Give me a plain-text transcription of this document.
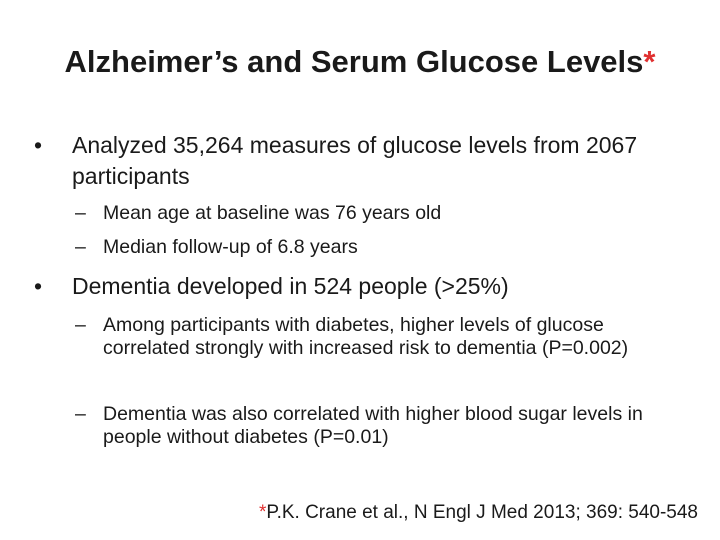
Alzheimer’s and Serum Glucose Levels*
• Analyzed 35,264 measures of glucose levels from 2067 participants
– Mean age at baseline was 76 years old
– Median follow-up of 6.8 years
• Dementia developed in 524 people (>25%)
– Among participants with diabetes, higher levels of glucose correlated strongly with increased risk to dementia (P=0.002)
– Dementia was also correlated with higher blood sugar levels in people without diabetes (P=0.01)
*P.K. Crane et al., N Engl J Med 2013; 369: 540-548
